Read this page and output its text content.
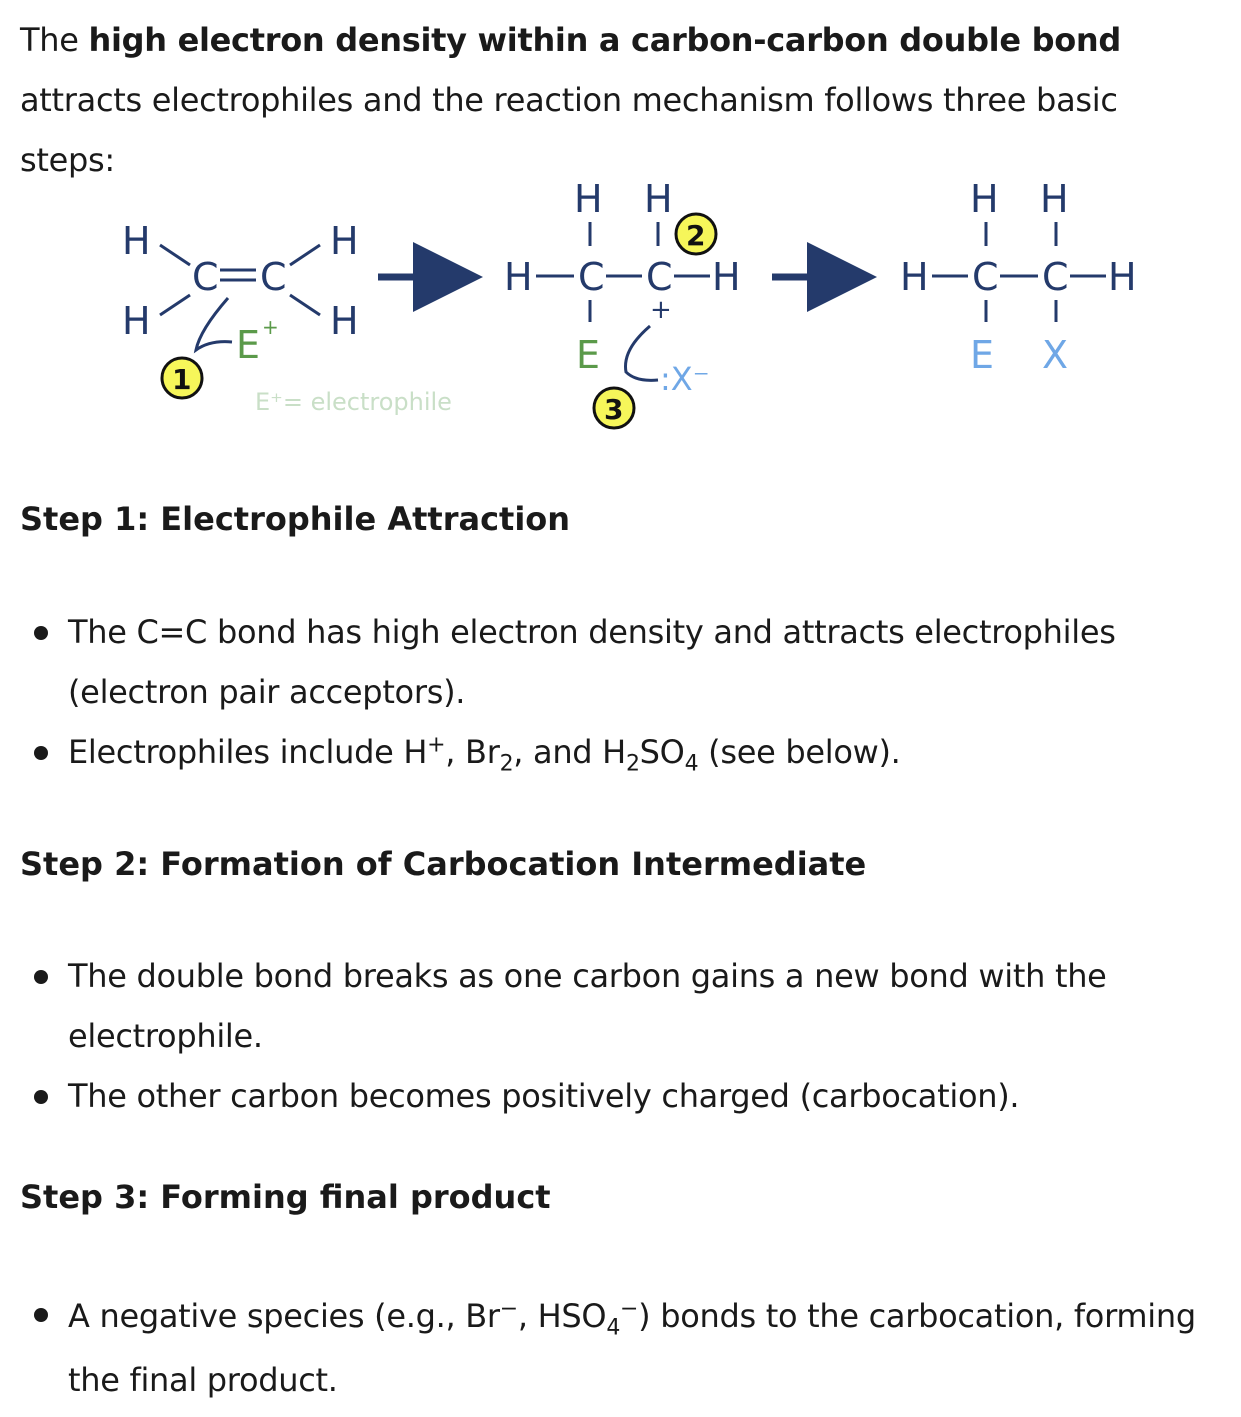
The high electron density within a carbon-carbon double bond attracts electrophiles and the reaction mechanism follows three basic steps:

H
H
H
H
C C
E +
1
E⁺= electrophile
H H
H C C H
E
+
2
:X⁻
3
H H
H C C H
E X
Step 1: Electrophile Attraction
The C=C bond has high electron density and attracts electrophiles (electron pair acceptors).
Electrophiles include H+, $Br_2$, and $H_2SO_4$ (see below).
Step 2: Formation of Carbocation Intermediate
The double bond breaks as one carbon gains a new bond with the electrophile.
The other carbon becomes positively charged (carbocation).
Step 3: Forming final product
A negative species (e.g., Br−, $HSO_4^-$) bonds to the carbocation, forming the final product.
